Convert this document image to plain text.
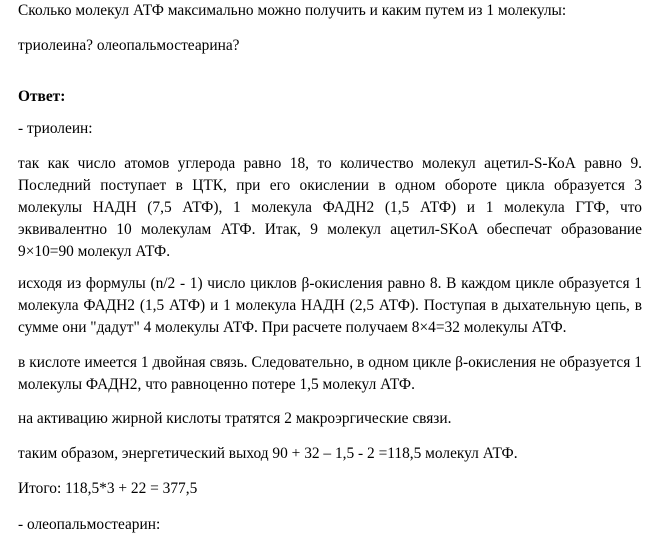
Сколько молекул АТФ максимально можно получить и каким путем из 1 молекулы:

триолеина? олеопальмостеарина?

Ответ:

- триолеин:

так как число атомов углерода равно 18, то количество молекул ацетил-S-КоА равно 9. Последний поступает в ЦТК, при его окислении в одном обороте цикла образуется 3 молекулы НАДН (7,5 АТФ), 1 молекула ФАДН2 (1,5 АТФ) и 1 молекула ГТФ, что эквивалентно 10 молекулам АТФ. Итак, 9 молекул ацетил-SKoA обеспечат образование 9×10=90 молекул АТФ.

исходя из формулы (n/2 - 1) число циклов β-окисления равно 8. В каждом цикле образуется 1 молекула ФАДН2 (1,5 АТФ) и 1 молекула НАДН (2,5 АТФ). Поступая в дыхательную цепь, в сумме они "дадут" 4 молекулы АТФ. При расчете получаем 8×4=32 молекулы АТФ.

в кислоте имеется 1 двойная связь. Следовательно, в одном цикле β-окисления не образуется 1 молекулы ФАДН2, что равноценно потере 1,5 молекул АТФ.

на активацию жирной кислоты тратятся 2 макроэргические связи.

таким образом, энергетический выход 90 + 32 – 1,5 - 2 =118,5 молекул АТФ.

Итого: 118,5*3 + 22 = 377,5

- олеопальмостеарин:
